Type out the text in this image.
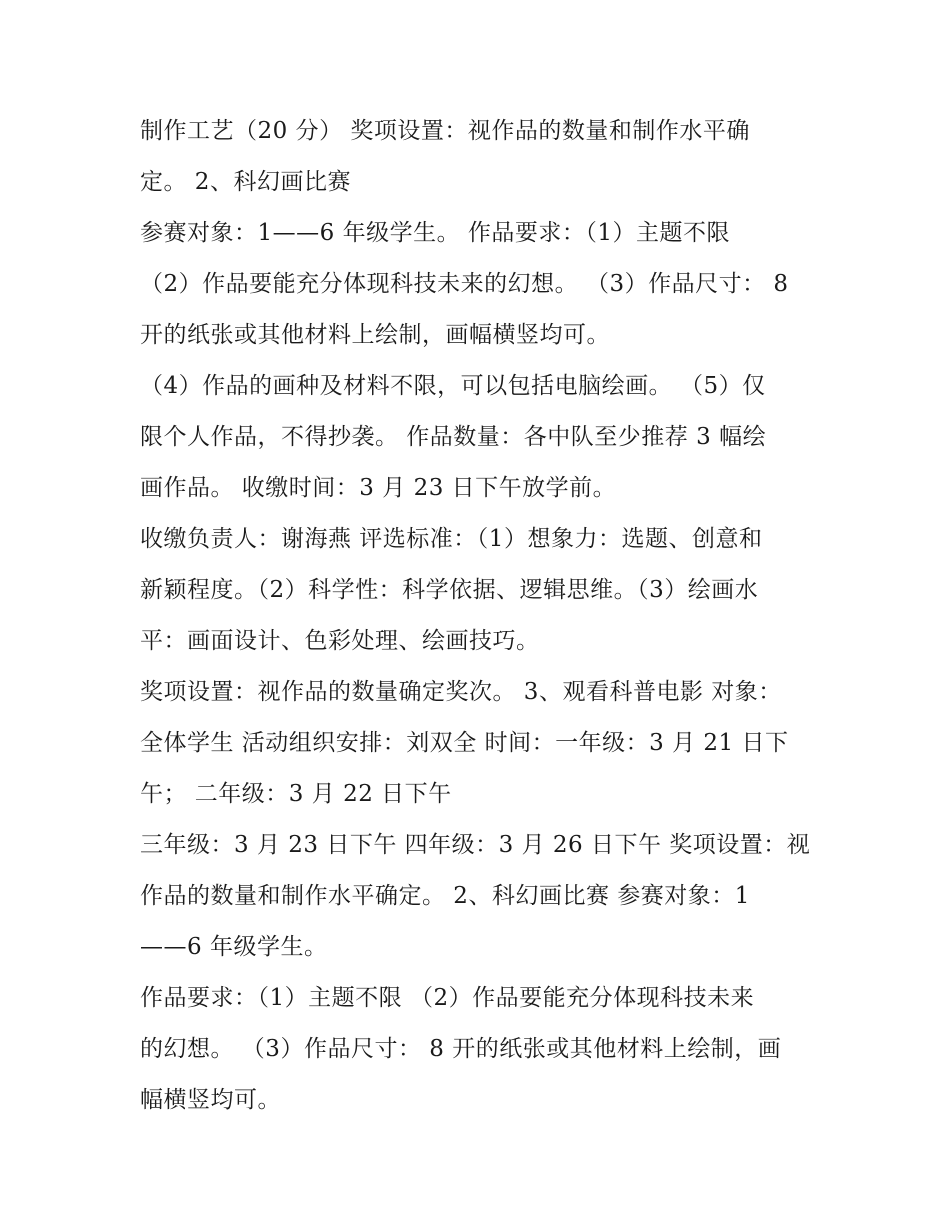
制作工艺（20 分） 奖项设置：视作品的数量和制作水平确
定。 2、科幻画比赛
参赛对象：1——6 年级学生。 作品要求：（1）主题不限
（2）作品要能充分体现科技未来的幻想。 （3）作品尺寸： 8
开的纸张或其他材料上绘制，画幅横竖均可。
（4）作品的画种及材料不限，可以包括电脑绘画。 （5）仅
限个人作品，不得抄袭。 作品数量：各中队至少推荐 3 幅绘
画作品。 收缴时间：3 月 23 日下午放学前。
收缴负责人：谢海燕 评选标准：（1）想象力：选题、创意和
新颖程度。（2）科学性：科学依据、逻辑思维。（3）绘画水
平：画面设计、色彩处理、绘画技巧。
奖项设置：视作品的数量确定奖次。 3、观看科普电影 对象：
全体学生 活动组织安排：刘双全 时间：一年级：3 月 21 日下
午； 二年级：3 月 22 日下午
三年级：3 月 23 日下午 四年级：3 月 26 日下午 奖项设置：视
作品的数量和制作水平确定。 2、科幻画比赛 参赛对象：1
——6 年级学生。
作品要求：（1）主题不限 （2）作品要能充分体现科技未来
的幻想。 （3）作品尺寸： 8 开的纸张或其他材料上绘制，画
幅横竖均可。
